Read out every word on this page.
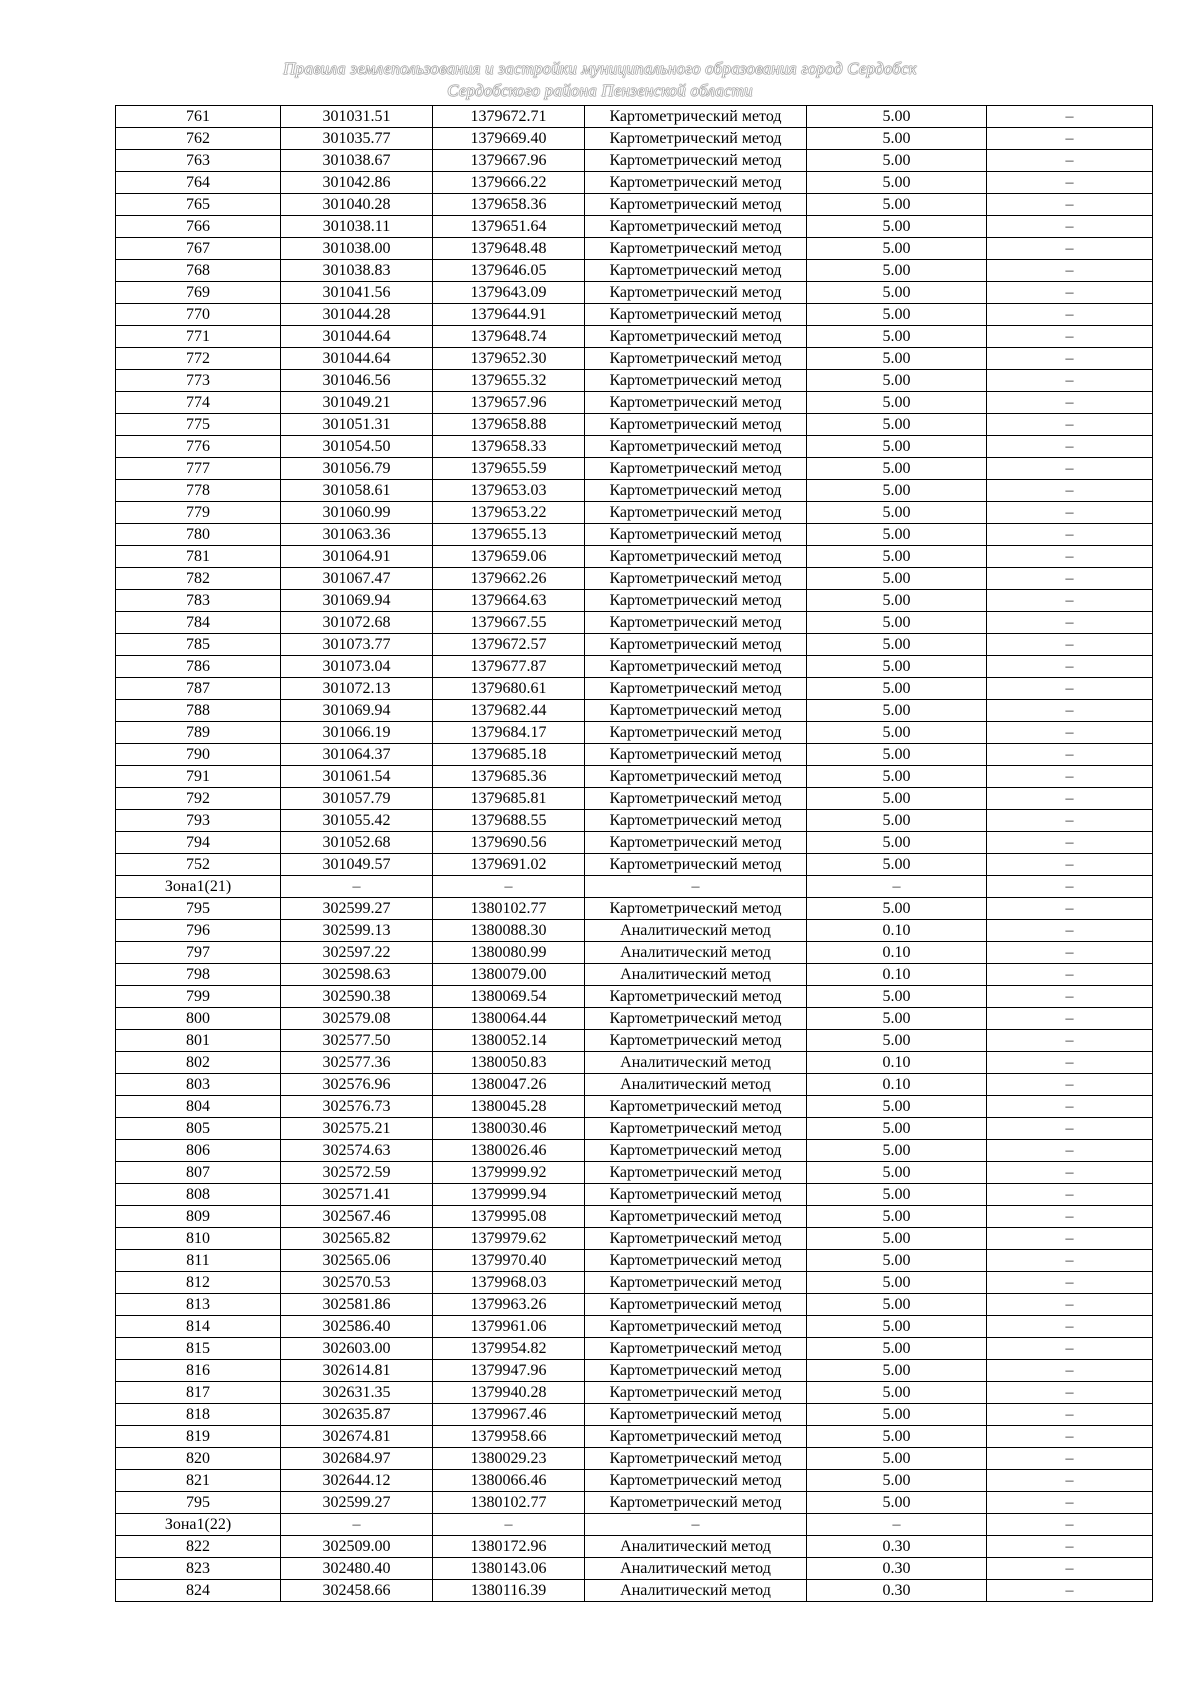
Правила землепользования и застройки муниципального образования город Сердобск
Сердобского района Пензенской области
761	301031.51	1379672.71	Картометрический метод	5.00	–
762	301035.77	1379669.40	Картометрический метод	5.00	–
763	301038.67	1379667.96	Картометрический метод	5.00	–
764	301042.86	1379666.22	Картометрический метод	5.00	–
765	301040.28	1379658.36	Картометрический метод	5.00	–
766	301038.11	1379651.64	Картометрический метод	5.00	–
767	301038.00	1379648.48	Картометрический метод	5.00	–
768	301038.83	1379646.05	Картометрический метод	5.00	–
769	301041.56	1379643.09	Картометрический метод	5.00	–
770	301044.28	1379644.91	Картометрический метод	5.00	–
771	301044.64	1379648.74	Картометрический метод	5.00	–
772	301044.64	1379652.30	Картометрический метод	5.00	–
773	301046.56	1379655.32	Картометрический метод	5.00	–
774	301049.21	1379657.96	Картометрический метод	5.00	–
775	301051.31	1379658.88	Картометрический метод	5.00	–
776	301054.50	1379658.33	Картометрический метод	5.00	–
777	301056.79	1379655.59	Картометрический метод	5.00	–
778	301058.61	1379653.03	Картометрический метод	5.00	–
779	301060.99	1379653.22	Картометрический метод	5.00	–
780	301063.36	1379655.13	Картометрический метод	5.00	–
781	301064.91	1379659.06	Картометрический метод	5.00	–
782	301067.47	1379662.26	Картометрический метод	5.00	–
783	301069.94	1379664.63	Картометрический метод	5.00	–
784	301072.68	1379667.55	Картометрический метод	5.00	–
785	301073.77	1379672.57	Картометрический метод	5.00	–
786	301073.04	1379677.87	Картометрический метод	5.00	–
787	301072.13	1379680.61	Картометрический метод	5.00	–
788	301069.94	1379682.44	Картометрический метод	5.00	–
789	301066.19	1379684.17	Картометрический метод	5.00	–
790	301064.37	1379685.18	Картометрический метод	5.00	–
791	301061.54	1379685.36	Картометрический метод	5.00	–
792	301057.79	1379685.81	Картометрический метод	5.00	–
793	301055.42	1379688.55	Картометрический метод	5.00	–
794	301052.68	1379690.56	Картометрический метод	5.00	–
752	301049.57	1379691.02	Картометрический метод	5.00	–
Зона1(21)	–	–	–	–	–
795	302599.27	1380102.77	Картометрический метод	5.00	–
796	302599.13	1380088.30	Аналитический метод	0.10	–
797	302597.22	1380080.99	Аналитический метод	0.10	–
798	302598.63	1380079.00	Аналитический метод	0.10	–
799	302590.38	1380069.54	Картометрический метод	5.00	–
800	302579.08	1380064.44	Картометрический метод	5.00	–
801	302577.50	1380052.14	Картометрический метод	5.00	–
802	302577.36	1380050.83	Аналитический метод	0.10	–
803	302576.96	1380047.26	Аналитический метод	0.10	–
804	302576.73	1380045.28	Картометрический метод	5.00	–
805	302575.21	1380030.46	Картометрический метод	5.00	–
806	302574.63	1380026.46	Картометрический метод	5.00	–
807	302572.59	1379999.92	Картометрический метод	5.00	–
808	302571.41	1379999.94	Картометрический метод	5.00	–
809	302567.46	1379995.08	Картометрический метод	5.00	–
810	302565.82	1379979.62	Картометрический метод	5.00	–
811	302565.06	1379970.40	Картометрический метод	5.00	–
812	302570.53	1379968.03	Картометрический метод	5.00	–
813	302581.86	1379963.26	Картометрический метод	5.00	–
814	302586.40	1379961.06	Картометрический метод	5.00	–
815	302603.00	1379954.82	Картометрический метод	5.00	–
816	302614.81	1379947.96	Картометрический метод	5.00	–
817	302631.35	1379940.28	Картометрический метод	5.00	–
818	302635.87	1379967.46	Картометрический метод	5.00	–
819	302674.81	1379958.66	Картометрический метод	5.00	–
820	302684.97	1380029.23	Картометрический метод	5.00	–
821	302644.12	1380066.46	Картометрический метод	5.00	–
795	302599.27	1380102.77	Картометрический метод	5.00	–
Зона1(22)	–	–	–	–	–
822	302509.00	1380172.96	Аналитический метод	0.30	–
823	302480.40	1380143.06	Аналитический метод	0.30	–
824	302458.66	1380116.39	Аналитический метод	0.30	–
